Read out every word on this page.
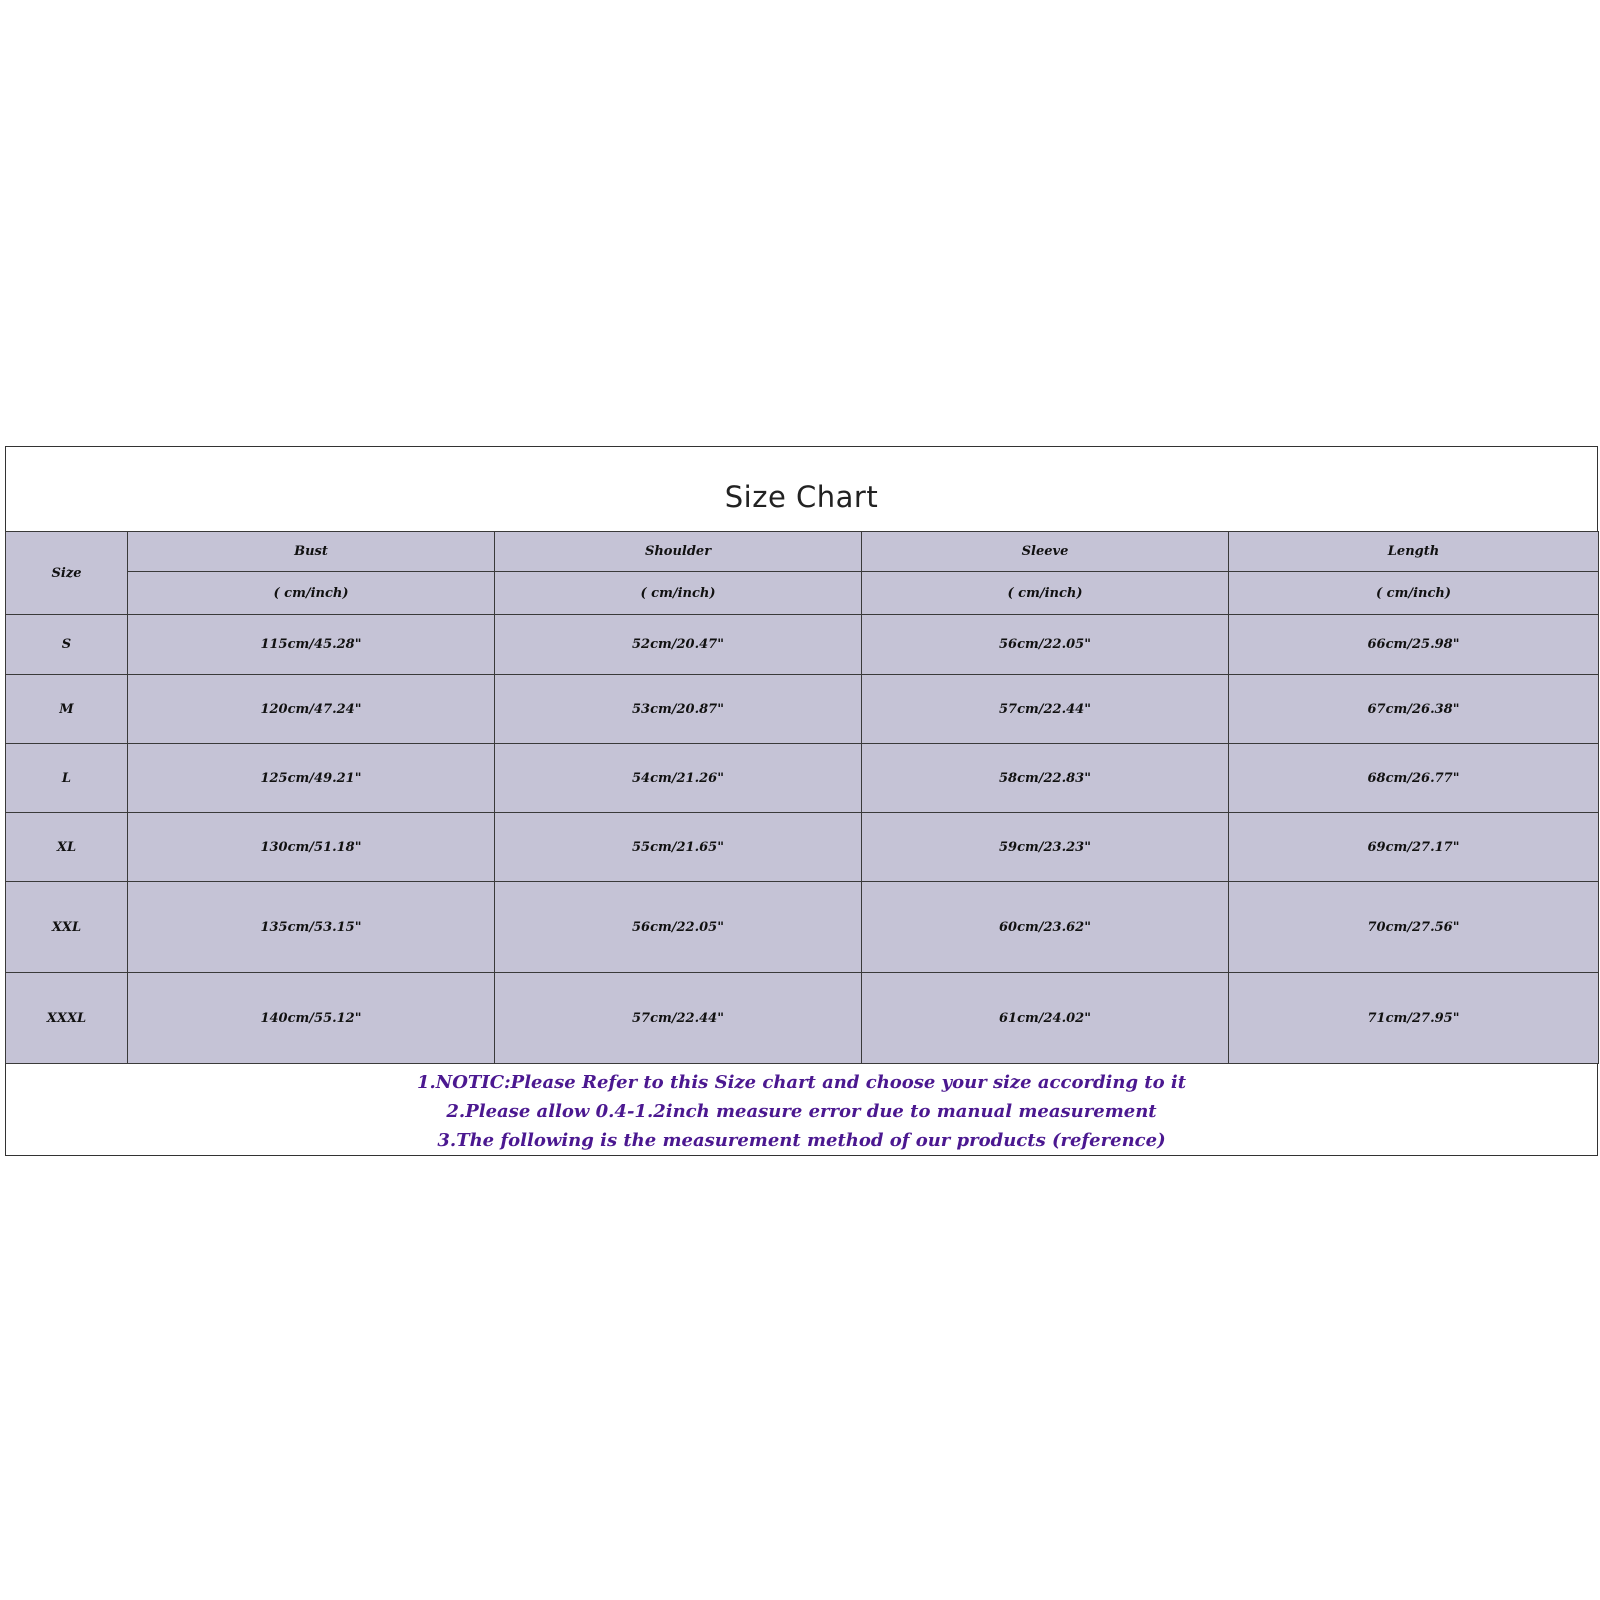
Size Chart
Size	Bust	Shoulder	Sleeve	Length
	( cm/inch)	( cm/inch)	( cm/inch)	( cm/inch)
S	115cm/45.28"	52cm/20.47"	56cm/22.05"	66cm/25.98"
M	120cm/47.24"	53cm/20.87"	57cm/22.44"	67cm/26.38"
L	125cm/49.21"	54cm/21.26"	58cm/22.83"	68cm/26.77"
XL	130cm/51.18"	55cm/21.65"	59cm/23.23"	69cm/27.17"
XXL	135cm/53.15"	56cm/22.05"	60cm/23.62"	70cm/27.56"
XXXL	140cm/55.12"	57cm/22.44"	61cm/24.02"	71cm/27.95"
1.NOTIC:Please Refer to this Size chart and choose your size according to it
2.Please allow 0.4-1.2inch measure error due to manual measurement
3.The following is the measurement method of our products (reference)
